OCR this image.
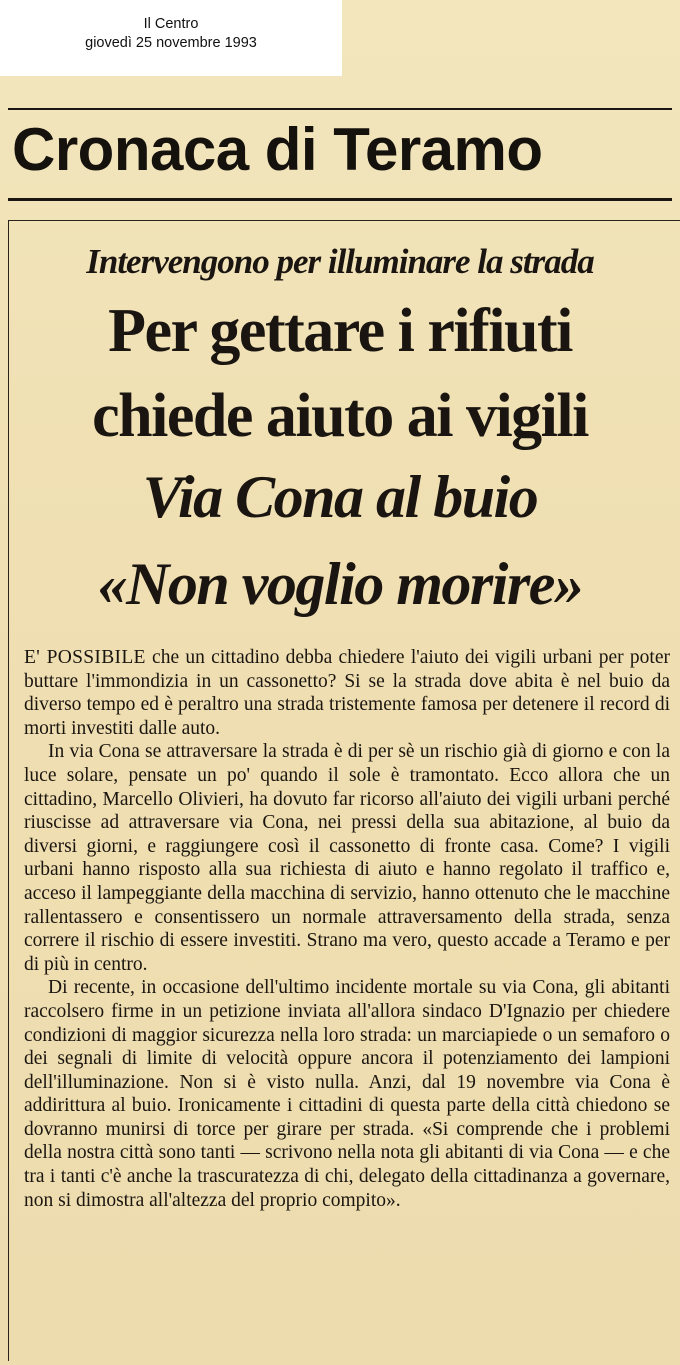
Il Centro
giovedì 25 novembre 1993
Cronaca di Teramo
Intervengono per illuminare la strada
Per gettare i rifiuti
chiede aiuto ai vigili
Via Cona al buio
«Non voglio morire»

E' POSSIBILE che un cittadino debba chiedere l'aiuto dei vigili urbani per poter buttare l'immondizia in un cassonetto? Si se la strada dove abita è nel buio da diverso tempo ed è peraltro una strada tristemente famosa per detenere il record di morti investiti dalle auto.

In via Cona se attraversare la strada è di per sè un rischio già di giorno e con la luce solare, pensate un po' quando il sole è tramontato. Ecco allora che un cittadino, Marcello Olivieri, ha dovuto far ricorso all'aiuto dei vigili urbani perché riuscisse ad attraversare via Cona, nei pressi della sua abitazione, al buio da diversi giorni, e raggiungere così il cassonetto di fronte casa. Come? I vigili urbani hanno risposto alla sua richiesta di aiuto e hanno regolato il traffico e, acceso il lampeggiante della macchina di servizio, hanno ottenuto che le macchine rallentassero e consentissero un normale attraversamento della strada, senza correre il rischio di essere investiti. Strano ma vero, questo accade a Teramo e per di più in centro.

Di recente, in occasione dell'ultimo incidente mortale su via Cona, gli abitanti raccolsero firme in un petizione inviata all'allora sindaco D'Ignazio per chiedere condizioni di maggior sicurezza nella loro strada: un marciapiede o un semaforo o dei segnali di limite di velocità oppure ancora il potenziamento dei lampioni dell'illuminazione. Non si è visto nulla. Anzi, dal 19 novembre via Cona è addirittura al buio. Ironicamente i cittadini di questa parte della città chiedono se dovranno munirsi di torce per girare per strada. «Si comprende che i problemi della nostra città sono tanti — scrivono nella nota gli abitanti di via Cona — e che tra i tanti c'è anche la trascuratezza di chi, delegato della cittadinanza a governare, non si dimostra all'altezza del proprio compito».
